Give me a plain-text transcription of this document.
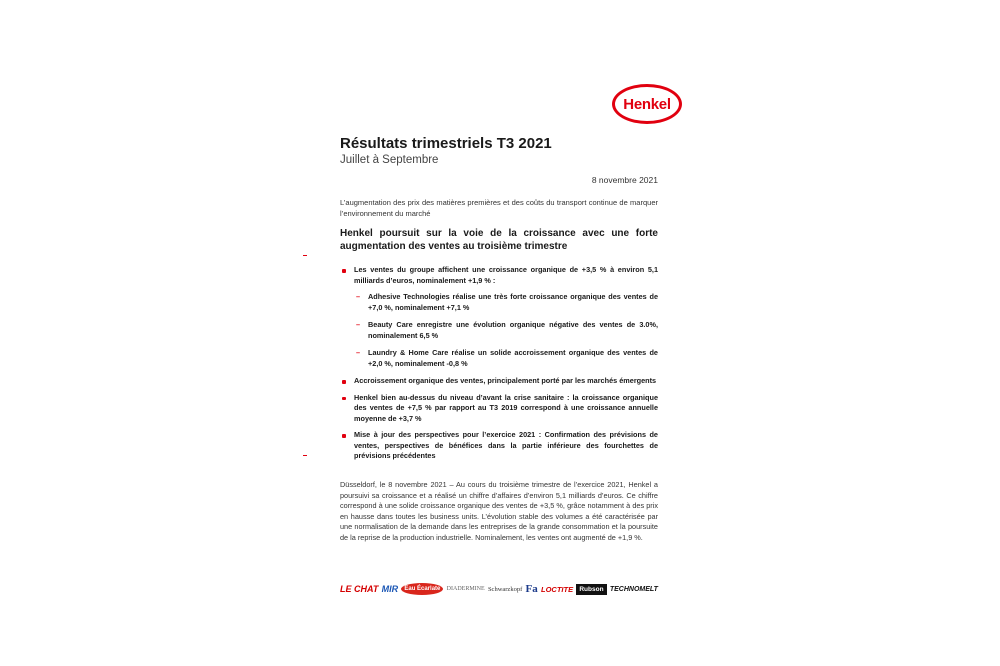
Henkel
Résultats trimestriels T3 2021
Juillet à Septembre
8 novembre 2021
L’augmentation des prix des matières premières et des coûts du transport continue de marquer l’environnement du marché
Henkel poursuit sur la voie de la croissance avec une forte augmentation des ventes au troisième trimestre
Les ventes du groupe affichent une croissance organique de +3,5 % à environ 5,1 milliards d’euros, nominalement +1,9 % :
– Adhesive Technologies réalise une très forte croissance organique des ventes de +7,0 %, nominalement +7,1 %
– Beauty Care enregistre une évolution organique négative des ventes de 3.0%, nominalement 6,5 %
– Laundry & Home Care réalise un solide accroissement organique des ventes de +2,0 %, nominalement -0,8 %
Accroissement organique des ventes, principalement porté par les marchés émergents
Henkel bien au-dessus du niveau d’avant la crise sanitaire : la croissance organique des ventes de +7,5 % par rapport au T3 2019 correspond à une croissance annuelle moyenne de +3,7 %
Mise à jour des perspectives pour l’exercice 2021 : Confirmation des prévisions de ventes, perspectives de bénéfices dans la partie inférieure des fourchettes de prévisions précédentes
Düsseldorf, le 8 novembre 2021 – Au cours du troisième trimestre de l’exercice 2021, Henkel a poursuivi sa croissance et a réalisé un chiffre d’affaires d’environ 5,1 milliards d’euros. Ce chiffre correspond à une solide croissance organique des ventes de +3,5 %, grâce notamment à des prix en hausse dans toutes les business units. L’évolution stable des volumes a été caractérisée par une normalisation de la demande dans les entreprises de la grande consommation et la poursuite de la reprise de la production industrielle. Nominalement, les ventes ont augmenté de +1,9 %.
LE CHAT MIR	Eau Écarlate	DIADERMINE Schwarzkopf Fa LOCTITE Rubson TECHNOMELT
